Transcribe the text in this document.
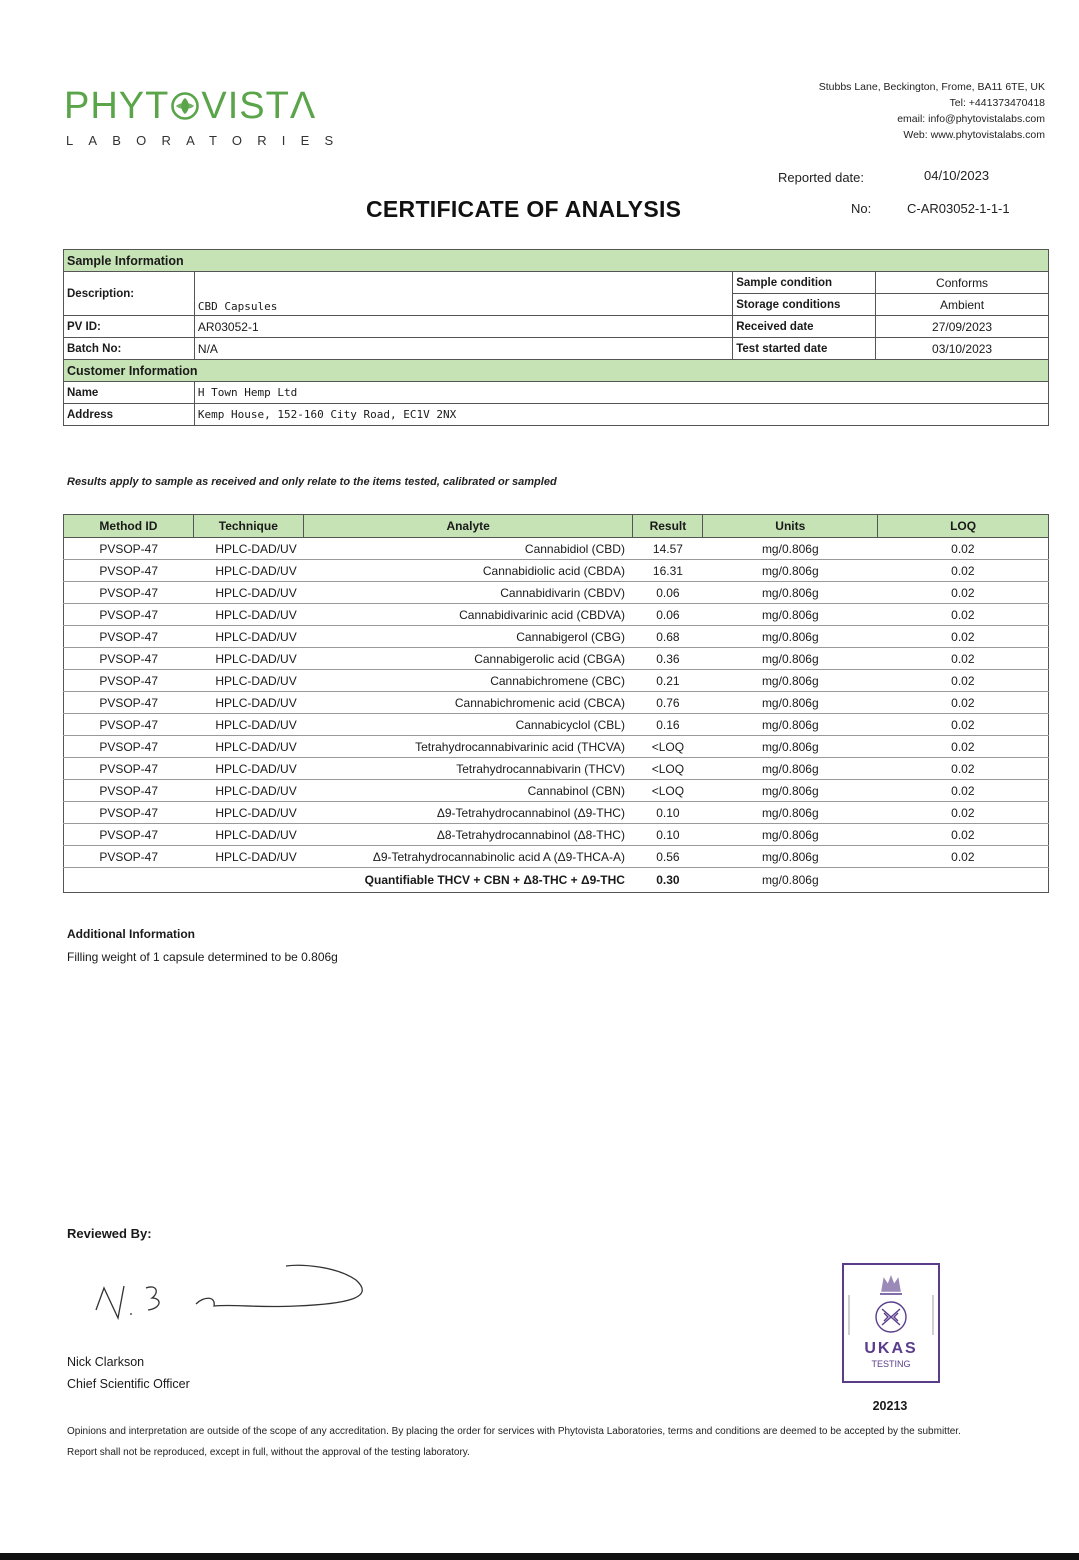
PHYT VISTΛ
LABORATORIES
Stubbs Lane, Beckington, Frome, BA11 6TE, UK
Tel: +441373470418
email: info@phytovistalabs.com
Web: www.phytovistalabs.com
Reported date:	04/10/2023
CERTIFICATE OF ANALYSIS	No:	C-AR03052-1-1-1
Sample Information			
Description:	CBD Capsules	Sample condition	Conforms
		Storage conditions	Ambient
PV ID:	AR03052-1	Received date	27/09/2023
Batch No:	N/A	Test started date	03/10/2023
Customer Information			
Name	H Town Hemp Ltd		
Address	Kemp House, 152-160 City Road, EC1V 2NX		
Results apply to sample as received and only relate to the items tested, calibrated or sampled
Method ID	Technique	Analyte	Result	Units	LOQ
PVSOP-47	HPLC-DAD/UV	Cannabidiol (CBD)	14.57	mg/0.806g	0.02
PVSOP-47	HPLC-DAD/UV	Cannabidiolic acid (CBDA)	16.31	mg/0.806g	0.02
PVSOP-47	HPLC-DAD/UV	Cannabidivarin (CBDV)	0.06	mg/0.806g	0.02
PVSOP-47	HPLC-DAD/UV	Cannabidivarinic acid (CBDVA)	0.06	mg/0.806g	0.02
PVSOP-47	HPLC-DAD/UV	Cannabigerol (CBG)	0.68	mg/0.806g	0.02
PVSOP-47	HPLC-DAD/UV	Cannabigerolic acid (CBGA)	0.36	mg/0.806g	0.02
PVSOP-47	HPLC-DAD/UV	Cannabichromene (CBC)	0.21	mg/0.806g	0.02
PVSOP-47	HPLC-DAD/UV	Cannabichromenic acid (CBCA)	0.76	mg/0.806g	0.02
PVSOP-47	HPLC-DAD/UV	Cannabicyclol (CBL)	0.16	mg/0.806g	0.02
PVSOP-47	HPLC-DAD/UV	Tetrahydrocannabivarinic acid (THCVA)	<LOQ	mg/0.806g	0.02
PVSOP-47	HPLC-DAD/UV	Tetrahydrocannabivarin (THCV)	<LOQ	mg/0.806g	0.02
PVSOP-47	HPLC-DAD/UV	Cannabinol (CBN)	<LOQ	mg/0.806g	0.02
PVSOP-47	HPLC-DAD/UV	Δ9-Tetrahydrocannabinol (Δ9-THC)	0.10	mg/0.806g	0.02
PVSOP-47	HPLC-DAD/UV	Δ8-Tetrahydrocannabinol (Δ8-THC)	0.10	mg/0.806g	0.02
PVSOP-47	HPLC-DAD/UV	Δ9-Tetrahydrocannabinolic acid A (Δ9-THCA-A)	0.56	mg/0.806g	0.02
		Quantifiable THCV + CBN + Δ8-THC + Δ9-THC	0.30	mg/0.806g	
Additional Information
Filling weight of 1 capsule determined to be 0.806g
Reviewed By:
Nick Clarkson
Chief Scientific Officer
UKAS
TESTING
20213
Opinions and interpretation are outside of the scope of any accreditation. By placing the order for services with Phytovista Laboratories, terms and conditions are deemed to be accepted by the submitter. Report shall not be reproduced, except in full, without the approval of the testing laboratory.
